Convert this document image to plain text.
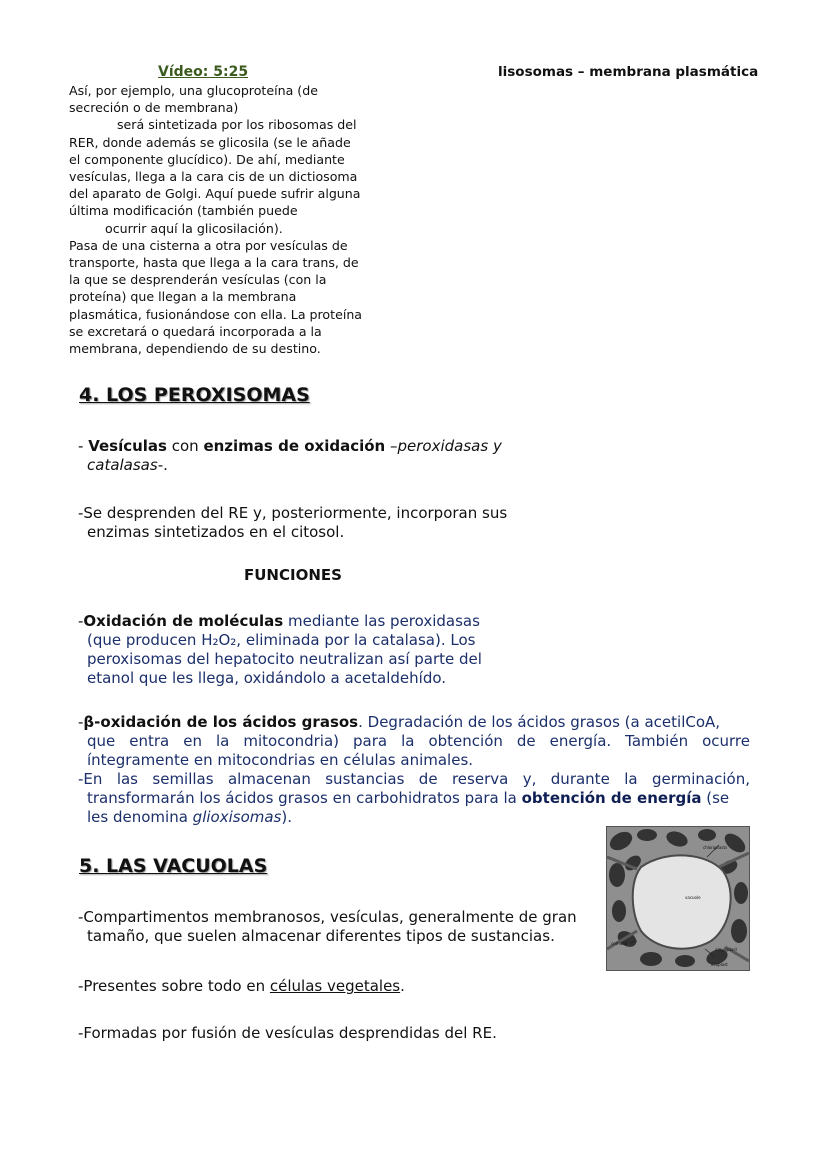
Vídeo: 5:25	lisosomas – membrana plasmática
Así, por ejemplo, una glucoproteína (de
secreción o de membrana)
será sintetizada por los ribosomas del
RER, donde además se glicosila (se le añade
el componente glucídico). De ahí, mediante
vesículas, llega a la cara cis de un dictiosoma
del aparato de Golgi. Aquí puede sufrir alguna
última modificación (también puede
ocurrir aquí la glicosilación).
Pasa de una cisterna a otra por vesículas de
transporte, hasta que llega a la cara trans, de
la que se desprenderán vesículas (con la
proteína) que llegan a la membrana
plasmática, fusionándose con ella. La proteína
se excretará o quedará incorporada a la
membrana, dependiendo de su destino.
4. LOS PEROXISOMAS
- Vesículas con enzimas de oxidación –peroxidasas y
catalasas-.
-Se desprenden del RE y, posteriormente, incorporan sus
enzimas sintetizados en el citosol.
FUNCIONES
-Oxidación de moléculas mediante las peroxidasas
(que producen H₂O₂, eliminada por la catalasa). Los
peroxisomas del hepatocito neutralizan así parte del
etanol que les llega, oxidándolo a acetaldehído.
-β-oxidación de los ácidos grasos. Degradación de los ácidos grasos (a acetilCoA,
que entra en la mitocondria) para la obtención de energía. También ocurre
íntegramente en mitocondrias en células animales.
-En las semillas almacenan sustancias de reserva y, durante la germinación,
transformarán los ácidos grasos en carbohidratos para la obtención de energía (se
les denomina glioxisomas).
5. LAS VACUOLAS
-Compartimentos membranosos, vesículas, generalmente de gran
tamaño, que suelen almacenar diferentes tipos de sustancias.
-Presentes sobre todo en células vegetales.
-Formadas por fusión de vesículas desprendidas del RE.
chloroplasts
vacuole
cell wall
amyloplast
ecoplast
